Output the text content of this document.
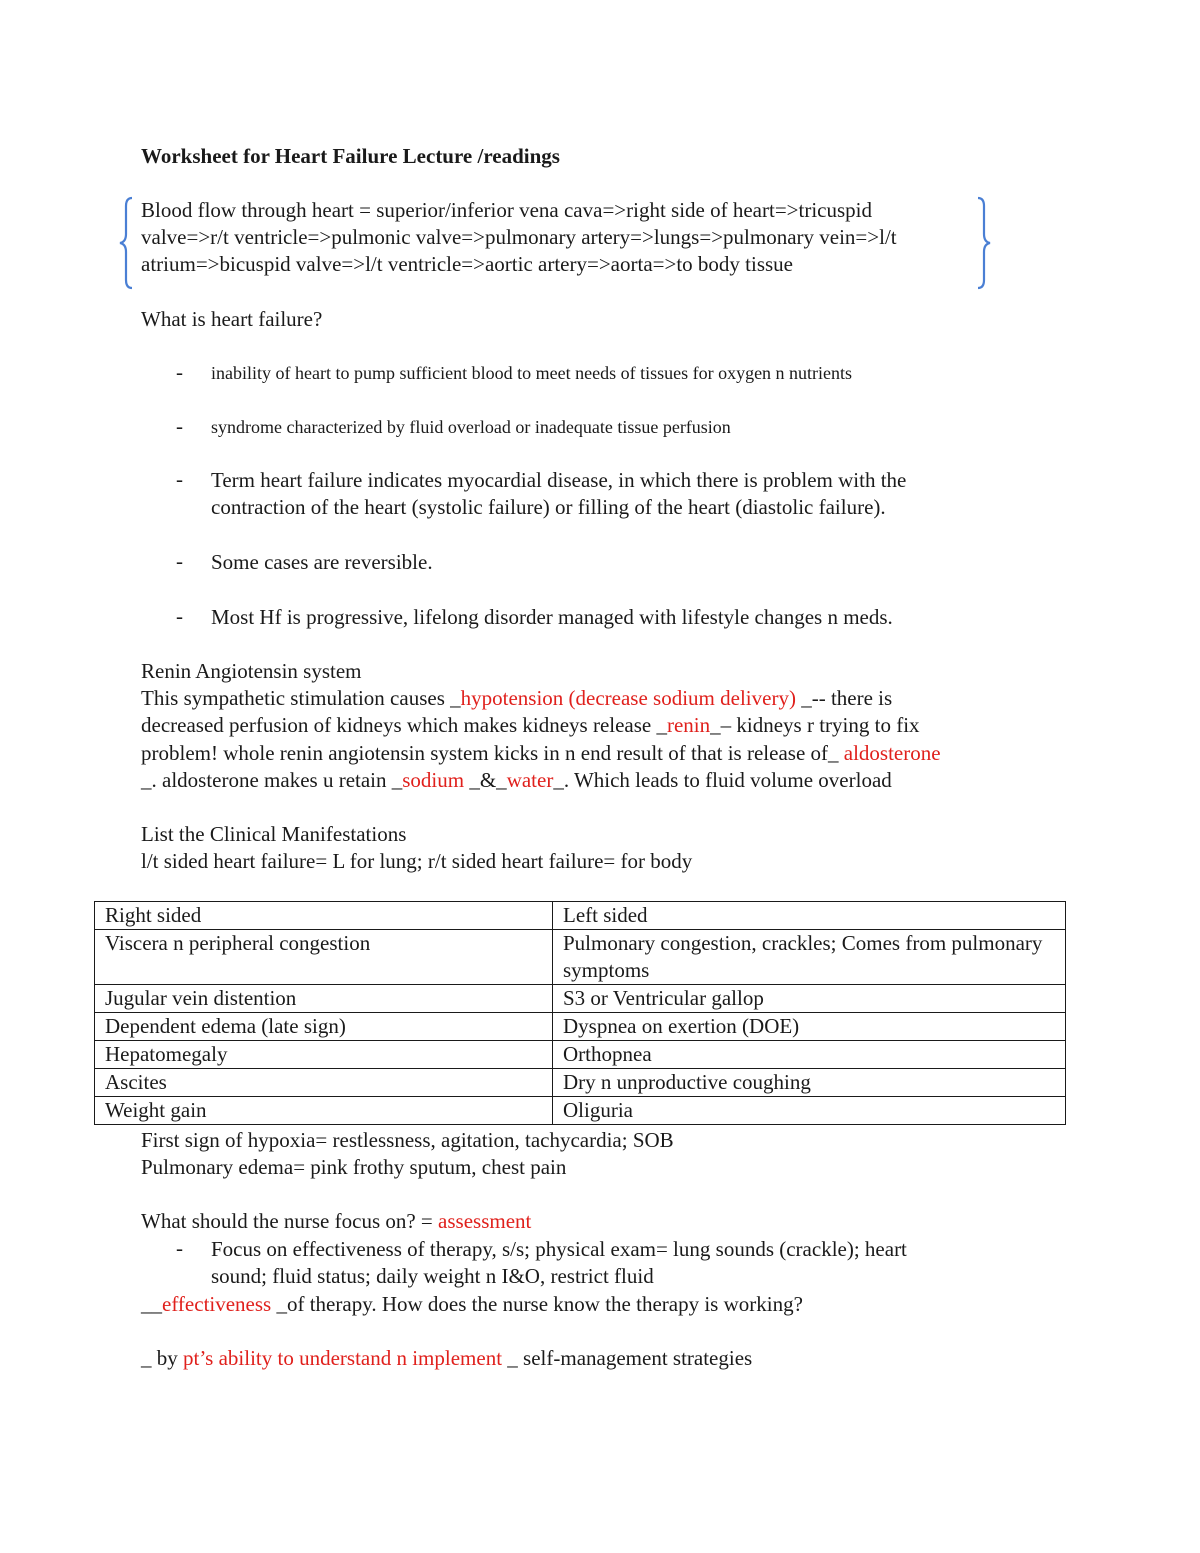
Worksheet for Heart Failure Lecture /readings
Blood flow through heart = superior/inferior vena cava=>right side of heart=>tricuspid
valve=>r/t ventricle=>pulmonic valve=>pulmonary artery=>lungs=>pulmonary vein=>l/t
atrium=>bicuspid valve=>l/t ventricle=>aortic artery=>aorta=>to body tissue
What is heart failure?
- inability of heart to pump sufficient blood to meet needs of tissues for oxygen n nutrients
- syndrome characterized by fluid overload or inadequate tissue perfusion
- Term heart failure indicates myocardial disease, in which there is problem with the
contraction of the heart (systolic failure) or filling of the heart (diastolic failure).
- Some cases are reversible.
- Most Hf is progressive, lifelong disorder managed with lifestyle changes n meds.
Renin Angiotensin system
This sympathetic stimulation causes _hypotension (decrease sodium delivery) _-- there is
decreased perfusion of kidneys which makes kidneys release _renin_– kidneys r trying to fix
problem! whole renin angiotensin system kicks in n end result of that is release of_ aldosterone
_. aldosterone makes u retain _sodium _&_water_. Which leads to fluid volume overload
List the Clinical Manifestations
l/t sided heart failure= L for lung; r/t sided heart failure= for body
Right sided	Left sided
Viscera n peripheral congestion	Pulmonary congestion, crackles; Comes from pulmonary symptoms
Jugular vein distention	S3 or Ventricular gallop
Dependent edema (late sign)	Dyspnea on exertion (DOE)
Hepatomegaly	Orthopnea
Ascites	Dry n unproductive coughing
Weight gain	Oliguria
First sign of hypoxia= restlessness, agitation, tachycardia; SOB
Pulmonary edema= pink frothy sputum, chest pain
What should the nurse focus on? = assessment
- Focus on effectiveness of therapy, s/s; physical exam= lung sounds (crackle); heart
sound; fluid status; daily weight n I&O, restrict fluid
__effectiveness _of therapy. How does the nurse know the therapy is working?
_ by pt’s ability to understand n implement _ self-management strategies
